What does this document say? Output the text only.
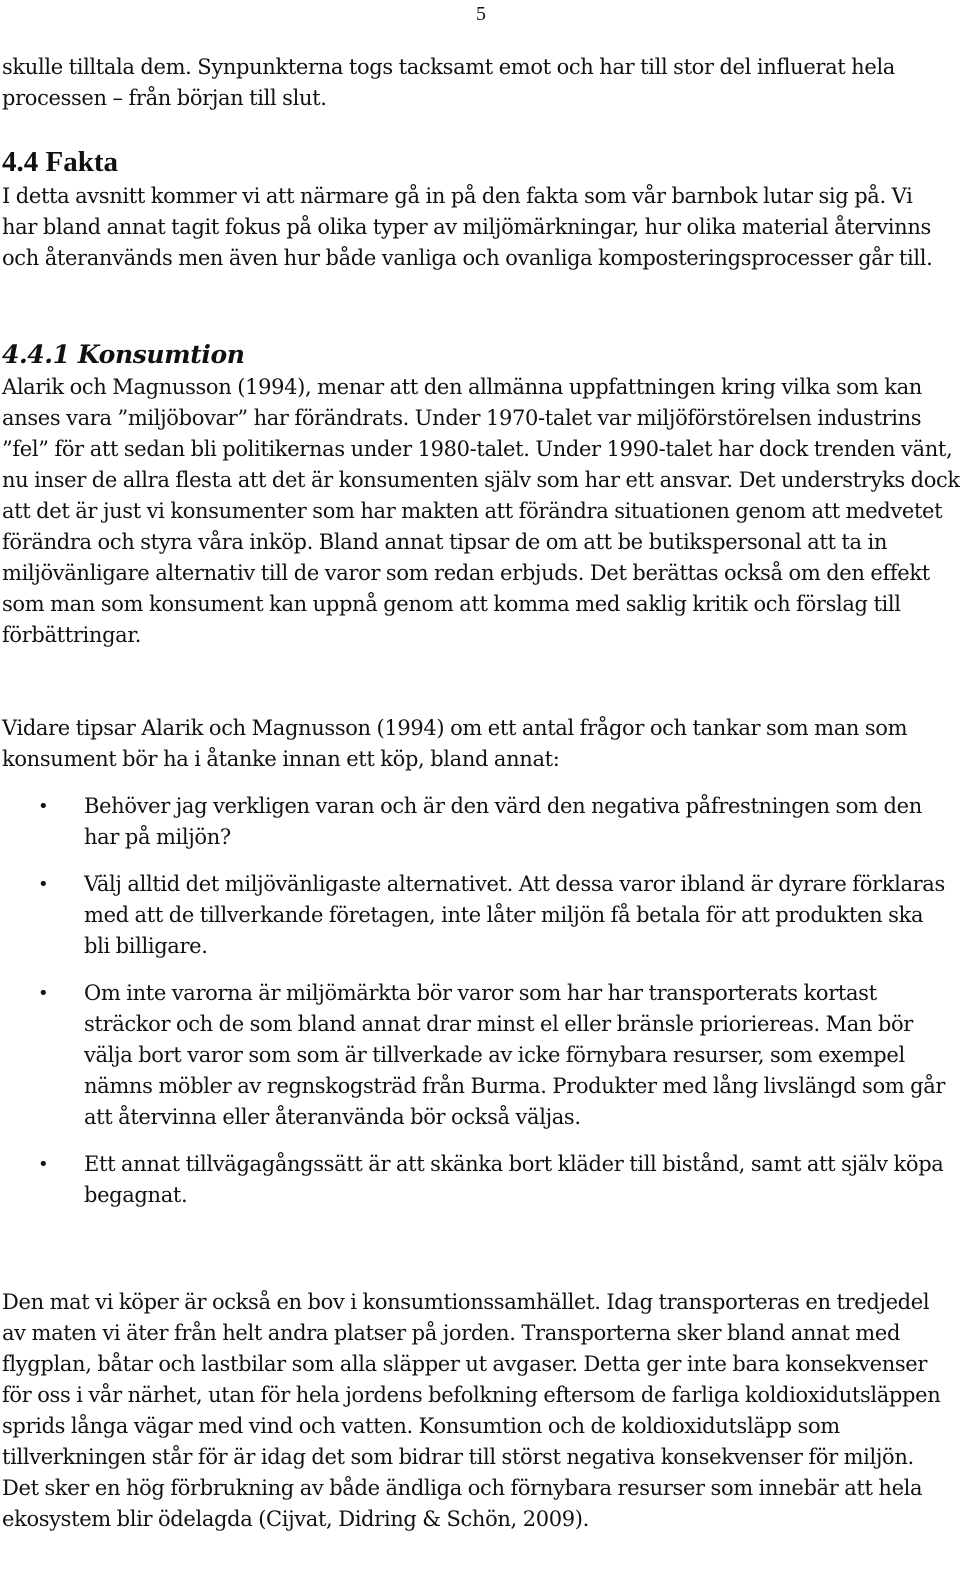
5

skulle tilltala dem. Synpunkterna togs tacksamt emot och har till stor del influerat hela processen – från början till slut.

4.4 Fakta

I detta avsnitt kommer vi att närmare gå in på den fakta som vår barnbok lutar sig på. Vi har bland annat tagit fokus på olika typer av miljömärkningar, hur olika material återvinns och återanvänds men även hur både vanliga och ovanliga komposteringsprocesser går till.

4.4.1 Konsumtion

Alarik och Magnusson (1994), menar att den allmänna uppfattningen kring vilka som kan anses vara ”miljöbovar” har förändrats. Under 1970-talet var miljöförstörelsen industrins ”fel” för att sedan bli politikernas under 1980-talet. Under 1990-talet har dock trenden vänt, nu inser de allra flesta att det är konsumenten själv som har ett ansvar. Det understryks dock att det är just vi konsumenter som har makten att förändra situationen genom att medvetet förändra och styra våra inköp. Bland annat tipsar de om att be butikspersonal att ta in miljövänligare alternativ till de varor som redan erbjuds. Det berättas också om den effekt som man som konsument kan uppnå genom att komma med saklig kritik och förslag till förbättringar.

Vidare tipsar Alarik och Magnusson (1994) om ett antal frågor och tankar som man som konsument bör ha i åtanke innan ett köp, bland annat:

• Behöver jag verkligen varan och är den värd den negativa påfrestningen som den har på miljön?
• Välj alltid det miljövänligaste alternativet. Att dessa varor ibland är dyrare förklaras med att de tillverkande företagen, inte låter miljön få betala för att produkten ska bli billigare.
• Om inte varorna är miljömärkta bör varor som har har transporterats kortast sträckor och de som bland annat drar minst el eller bränsle prioriereas. Man bör välja bort varor som som är tillverkade av icke förnybara resurser, som exempel nämns möbler av regnskogsträd från Burma. Produkter med lång livslängd som går att återvinna eller återanvända bör också väljas.
• Ett annat tillvägagångssätt är att skänka bort kläder till bistånd, samt att själv köpa begagnat.

Den mat vi köper är också en bov i konsumtionssamhället. Idag transporteras en tredjedel av maten vi äter från helt andra platser på jorden. Transporterna sker bland annat med flygplan, båtar och lastbilar som alla släpper ut avgaser. Detta ger inte bara konsekvenser för oss i vår närhet, utan för hela jordens befolkning eftersom de farliga koldioxidutsläppen sprids långa vägar med vind och vatten. Konsumtion och de koldioxidutsläpp som tillverkningen står för är idag det som bidrar till störst negativa konsekvenser för miljön. Det sker en hög förbrukning av både ändliga och förnybara resurser som innebär att hela ekosystem blir ödelagda (Cijvat, Didring & Schön, 2009).
